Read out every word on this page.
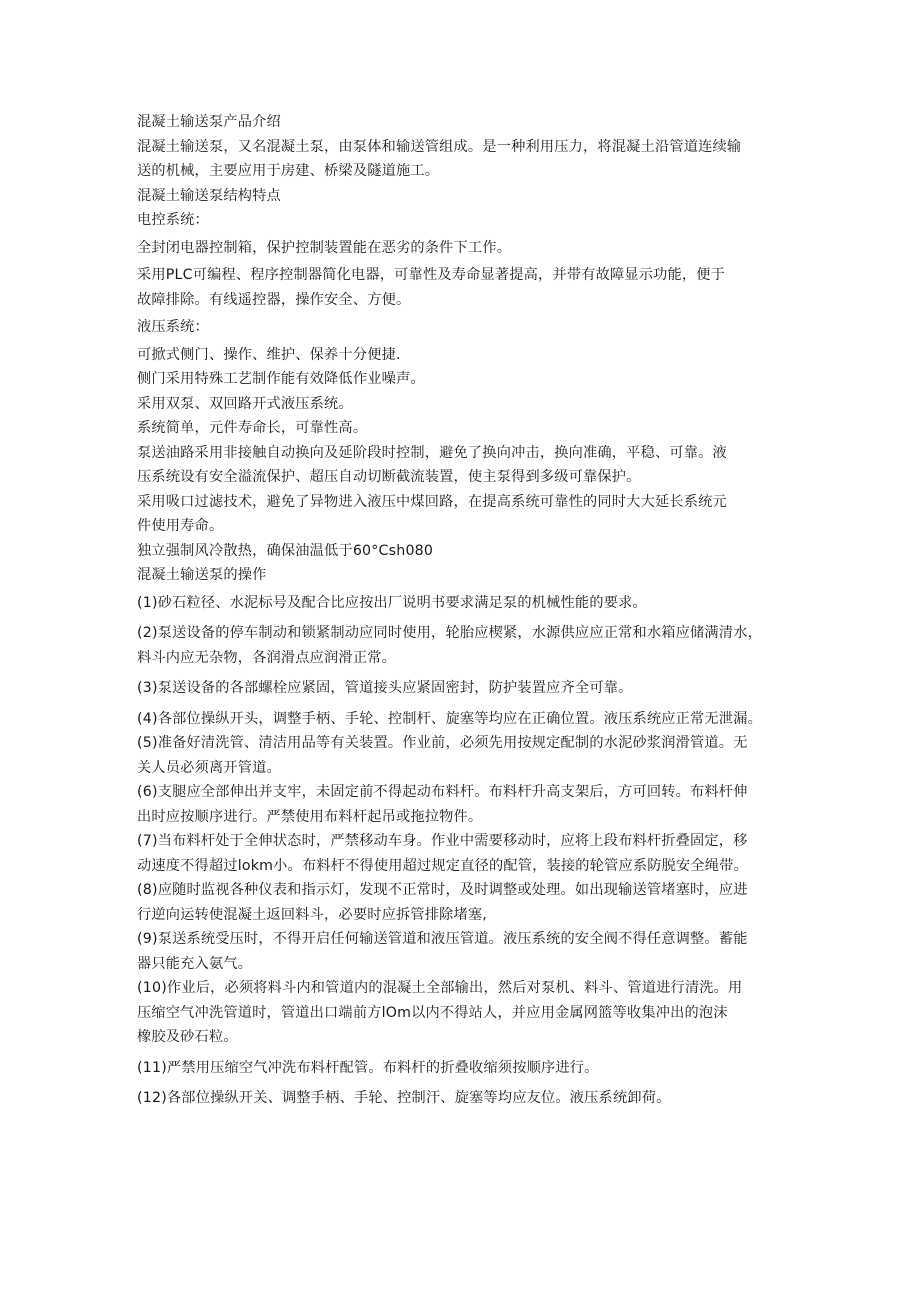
混凝土输送泵产品介绍
混凝土输送泵，又名混凝土泵，由泵体和输送管组成。是一种利用压力，将混凝土沿管道连续输
送的机械，主要应用于房建、桥梁及隧道施工。
混凝土输送泵结构特点
电控系统：
全封闭电器控制箱，保护控制装置能在恶劣的条件下工作。
采用PLC可编程、程序控制器简化电器，可靠性及寿命显著提高，并带有故障显示功能，便于
故障排除。有线遥控器，操作安全、方便。
液压系统：
可掀式侧门、操作、维护、保养十分便捷.
侧门采用特殊工艺制作能有效降低作业噪声。
采用双泵、双回路开式液压系统。
系统简单，元件寿命长，可靠性高。
泵送油路采用非接触自动换向及延阶段时控制，避免了换向冲击，换向准确，平稳、可靠。液
压系统设有安全溢流保护、超压自动切断截流装置，使主泵得到多级可靠保护。
采用吸口过滤技术，避免了异物进入液压中煤回路，在提高系统可靠性的同时大大延长系统元
件使用寿命。
独立强制风冷散热，确保油温低于60°Csh080
混凝土输送泵的操作
(1)砂石粒径、水泥标号及配合比应按出厂说明书要求满足泵的机械性能的要求。
(2)泵送设备的停车制动和锁紧制动应同时使用，轮胎应楔紧，水源供应应正常和水箱应储满清水，
料斗内应无杂物，各润滑点应润滑正常。
(3)泵送设备的各部螺栓应紧固，管道接头应紧固密封，防护装置应齐全可靠。
(4)各部位操纵开头，调整手柄、手轮、控制杆、旋塞等均应在正确位置。液压系统应正常无泄漏。
(5)准备好清洗管、清洁用品等有关装置。作业前，必须先用按规定配制的水泥砂浆润滑管道。无
关人员必须离开管道。
(6)支腿应全部伸出并支牢，未固定前不得起动布料杆。布料杆升高支架后，方可回转。布料杆伸
出时应按顺序进行。严禁使用布料杆起吊或拖拉物件。
(7)当布料杆处于全伸状态时，严禁移动车身。作业中需要移动时，应将上段布料杆折叠固定，移
动速度不得超过lokm小。布料杆不得使用超过规定直径的配管，装接的轮管应系防脱安全绳带。
(8)应随时监视各种仪表和指示灯，发现不正常时，及时调整或处理。如出现输送管堵塞时，应进
行逆向运转使混凝土返回料斗，必要时应拆管排除堵塞,
(9)泵送系统受压时，不得开启任何输送管道和液压管道。液压系统的安全阀不得任意调整。蓄能
器只能充入氨气。
(10)作业后，必须将料斗内和管道内的混凝土全部输出，然后对泵机、料斗、管道进行清洗。用
压缩空气冲洗管道时，管道出口端前方lOm以内不得站人，并应用金属网篮等收集冲出的泡沫
橡胶及砂石粒。
(11)严禁用压缩空气冲洗布料杆配管。布料杆的折叠收缩须按顺序进行。
(12)各部位操纵开关、调整手柄、手轮、控制汗、旋塞等均应友位。液压系统卸荷。
